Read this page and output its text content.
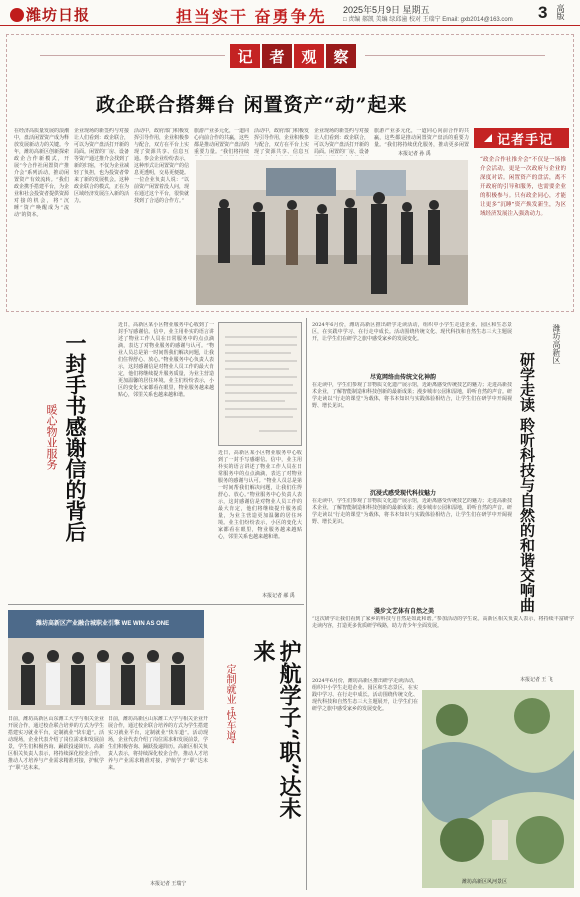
潍坊日报	担当实干 奋勇争先 2025年5月9日 星期五
□ 责编 郝凯 美编 绿邱潼 校对 王瑞宁 Email: gxb2014@163.com 3 高版
记	者	观	察
政企联合搭舞台 闲置资产“动”起来
在经济高质量发展的浪潮中，盘活闲置资产成为释放发展新动力的关键。今年，潍坊高新区创新探索政企合作新模式，开展“今合作社闲置资产推介会”系列活动，推动闲置资产有效流转。“我们政企携手搭建平台，为企业和社会投资者提供资源对接的机会，将“沉睡”资产唤醒成为“流动”的资本。
企业现场的新签约与对接让人们看到：政企联合，可以为资产盘活打开新的局面。闲置的厂房、设备等资产通过推介会找到了新的归宿，不仅为企业减轻了负担，也为投资者带来了新的发展机会。这种政企联合的模式，正在为区域经济发展注入新的活力。
活动中，政府部门积极发挥引导作用，企业积极参与配合，双方在平台上实现了资源共享、信息互通。参会企业纷纷表示，这种形式让闲置资产的信息更透明，交易更便捷。一位企业负责人说：“以前资产闲置着没人问，现在通过这个平台，很快就找到了合适的合作方。”
旅游产业多元化，一道同心向前合作的共赢，这些都是推动闲置资产盘活的重要力量。“我们将持续
活动中，政府部门积极发挥引导作用，企业积极参与配合，双方在平台上实现了资源共享、信息互
企业现场的新签约与对接让人们看到：政企联合，可以为资产盘活打开新的局面。闲置的厂房、设备
旅游产业多元化，一道同心向前合作的共赢，这些都是推动闲置资产盘活的重要力量。“我们将持续优化服务，推动更多闲置
本报记者 孙 禹
记者手记
“政企合作社推介会”不仅是一场推介会活动，更是一次政府与企业的深度对话。闲置资产的盘活，离不开政府的引导和服务，也需要企业的积极参与。只有政企同心，才能让更多“沉睡”资产焕发新生，为区域经济发展注入强劲动力。
一封手书感谢信的背后
暖心物业服务
近日，高新区某小区物业服务中心收到了一封手写感谢信。信中，业主用朴实的语言讲述了物业工作人员在日常服务中的点点滴滴，表达了对物业服务的感谢与认可。“物业人员总是第一时间帮我们解决问题，让我们住得舒心、放心。”物业服务中心负责人表示，这封感谢信是对物业人员工作的最大肯定，他们将继续提升服务质量，为业主营造更加温馨的居住环境。业主们纷纷表示，小区的变化大家都看在眼里，物业服务越来越贴心，邻里关系也越来越和谐。
近日，高新区某小区物业服务中心收到了一封手写感谢信。信中，业主用朴实的语言讲述了物业工作人员在日常服务中的点点滴滴，表达了对物业服务的感谢与认可。“物业人员总是第一时间帮我们解决问题，让我们住得舒心、放心。”物业服务中心负责人表示，这封感谢信是对物业人员工作的最大肯定，他们将继续提升服务质量，为业主营造更加温馨的居住环境。业主们纷纷表示，小区的变化大家都看在眼里，物业服务越来越贴心，邻里关系也越来越和谐。
本报记者 郝 禹
潍坊高新区
研学走读 聆听科技与自然的和谐交响曲
2024年6月份，潍坊高新区推出研学走读活动，组织中小学生走进企业、园区和生态景区，在实践中学习、在行走中成长。活动围绕传统文化、现代科技和自然生态三大主题展开，让学生们在研学之旅中感受家乡的发展变化。
尽览网络由传统文化神韵
在走读中，学生们参观了非物质文化遗产展示馆，近距离感受传统技艺的魅力；走进高新技术企业，了解智能制造和科技创新的最新成果；漫步城市公园和湿地，聆听自然的声音。研学走读以“行走的课堂”为载体，将书本知识与实践体验相结合，让学生们在研学中开阔视野、增长见识。
沉浸式感受现代科技魅力
在走读中，学生们参观了非物质文化遗产展示馆，近距离感受传统技艺的魅力；走进高新技术企业，了解智能制造和科技创新的最新成果；漫步城市公园和湿地，聆听自然的声音。研学走读以“行走的课堂”为载体，将书本知识与实践体验相结合，让学生们在研学中开阔视野、增长见识。
漫步文艺体有自然之美
“这次研学让我们看到了家乡的科技与自然是如此和谐。”参加活动的学生说。高新区相关负责人表示，将持续丰富研学走读内容，打造更多优质研学线路，助力青少年全面发展。
本报记者 王 飞
潍坊高新区风河景区
2024年6月份，潍坊高新区推出研学走读活动，组织中小学生走进企业、园区和生态景区，在实践中学习、在行走中成长。活动围绕传统文化、现代科技和自然生态三大主题展开，让学生们在研学之旅中感受家乡的发展变化。
潍坊高新区产业融合城职业引擎 WE WIN AS ONE
护航学子“职”达未来
定制就业 “快车道”
日前，潍坊高新区山东潍工大学与相关企业开展合作，通过校企联合培养的方式为学生搭建实习就业平台，定制就业“快车道”。活动现场，企业代表介绍了岗位需求和发展前景，学生们积极咨询、踊跃投递简历。高新区相关负责人表示，将持续深化校企合作，推动人才培养与产业需求精准对接，护航学子“职”达未来。
日前，潍坊高新区山东潍工大学与相关企业开展合作，通过校企联合培养的方式为学生搭建实习就业平台，定制就业“快车道”。活动现场，企业代表介绍了岗位需求和发展前景，学生们积极咨询、踊跃投递简历。高新区相关负责人表示，将持续深化校企合作，推动人才培养与产业需求精准对接，护航学子“职”达未来。
本报记者 王瑞宁
